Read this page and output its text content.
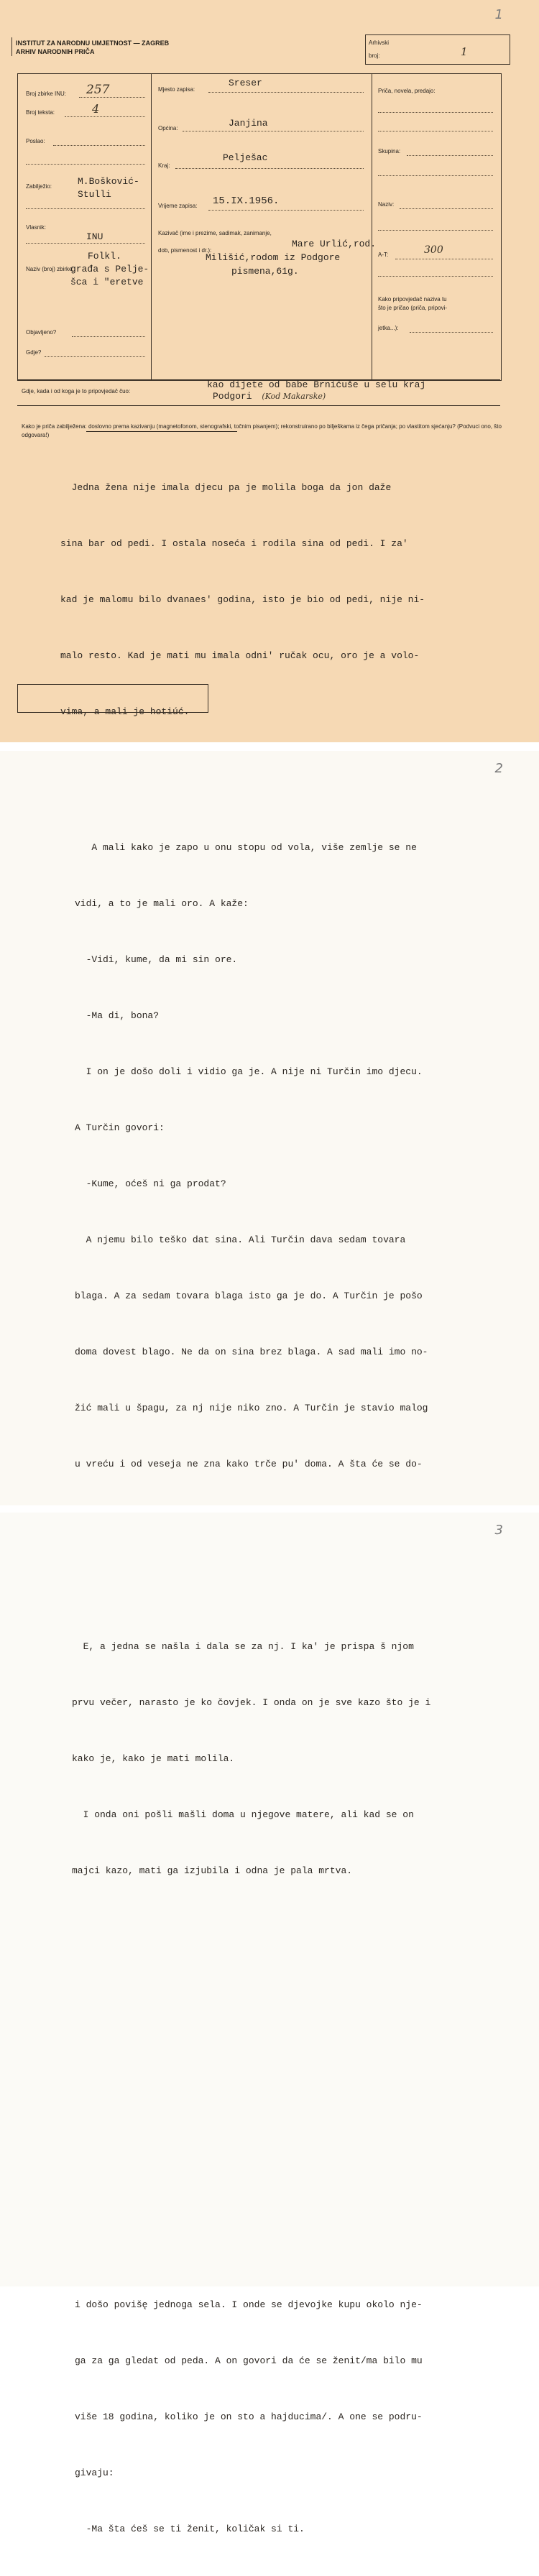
1
INSTITUT ZA NARODNU UMJETNOST — ZAGREB
ARHIV NARODNIH PRIČA
Arhivski
broj:	1
Broj zbirke INU: 257
Broj teksta:	4
Poslao:
Zabilježio:	M.Bošković-
Stulli
Vlasnik:
INU
Naziv (broj) zbirke:
Folkl.
građa s Pelje-
šca i "eretve
Objavljeno?
Gdje?
Mjesto zapisa:
Sreser
Općina:	Janjina
Kraj:
Pelješac
Vrijeme zapisa: 15.IX.1956.
Kazivač (ime i prezime, sadimak, zanimanje,
dob, pismenost i dr.):
Mare Urlić,rod.
Milišić,rodom iz Podgore
pismena,61g.
Priča, novela, predajo:
Skupina:
Naziv:
A-T:	300
Kako pripovjedač naziva tu
što je pričao (priča, pripovi-
jetka...):
Gdje, kada i od koga je to pripovjedač čuo:
kao dijete od babe Brnićuše u selu kraj
Podgori (Kod Makarske)
Kako je priča zabilježena: doslovno prema kazivanju (magnetofonom, stenografski, točnim pisanjem); rekonstruirano po bilješkama iz čega pričanja; po vlastitom sjećanju? (Podvuci ono, što odgovara!)

Jedna žena nije imala djecu pa je molila boga da jon daže

sina bar od pedi. I ostala noseća i rodila sina od pedi. I za'

kad je malomu bilo dvanaes' godina, isto je bio od pedi, nije ni-

malo resto. Kad je mati mu imala odni' ručak ocu, oro je a volo-

vima, a mali je hotiúć.

2

A mali kako je zapo u onu stopu od vola, više zemlje se ne

vidi, a to je mali oro. A kaže:

-Vidi, kume, da mi sin ore.

-Ma di, bona?

I on je došo doli i vidio ga je. A nije ni Turčin imo djecu.

A Turčin govori:

-Kume, oćeš ni ga prodat?

A njemu bilo teško dat sina. Ali Turčin dava sedam tovara

blaga. A za sedam tovara blaga isto ga je do. A Turčin je pošo

doma dovest blago. Ne da on sina brez blaga. A sad mali imo no-

žić mali u špagu, za nj nije niko zno. A Turčin je stavio malog

u vreću i od veseja ne zna kako trče pu' doma. A šta će se do-

i došo povišę jednoga sela. I onde se djevojke kupu okolo nje-

ga za ga gledat od peda. A on govori da će se ženit/ma bilo mu

više 18 godina, koliko je on sto a hajducima/. A one se podru-

givaju:

-Ma šta ćeš se ti ženit, količak si ti.

3

E, a jedna se našla i dala se za nj. I ka' je prispa š njom

prvu večer, narasto je ko čovjek. I onda on je sve kazo što je i

kako je, kako je mati molila.

I onda oni pošli mašli doma u njegove matere, ali kad se on

majci kazo, mati ga izjubila i odna je pala mrtva.
